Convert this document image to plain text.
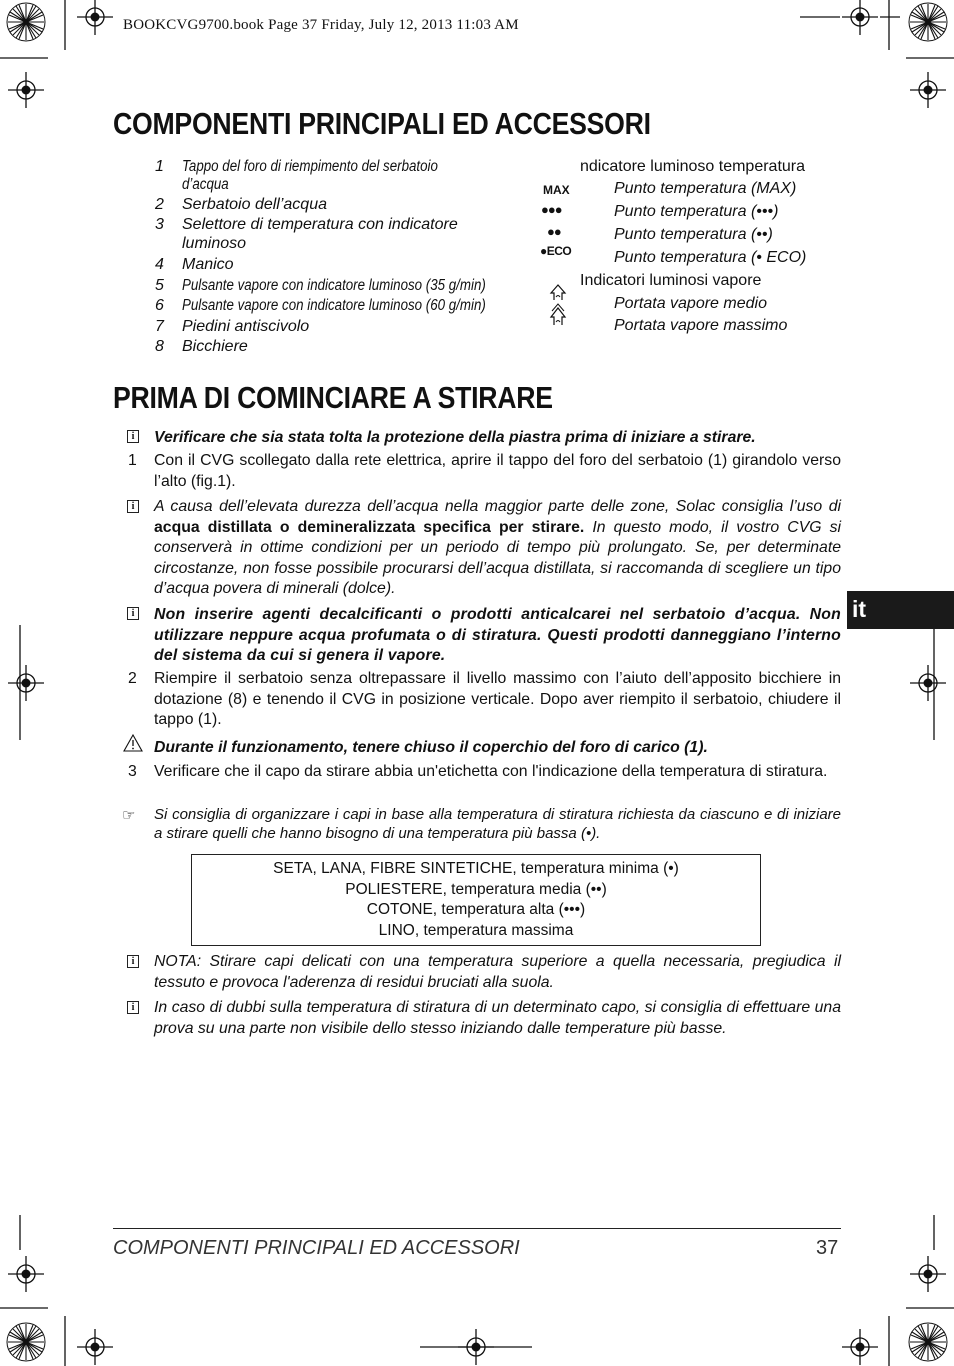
BOOKCVG9700.book Page 37 Friday, July 12, 2013 11:03 AM
COMPONENTI PRINCIPALI ED ACCESSORI
1	Tappo del foro di riempimento del serbatoio
d’acqua
2	Serbatoio dell’acqua
3	Selettore di temperatura con indicatore
luminoso
4	Manico
5	Pulsante vapore con indicatore luminoso (35 g/min)
6	Pulsante vapore con indicatore luminoso (60 g/min)
7	Piedini antiscivolo
8	Bicchiere
ndicatore luminoso temperatura
MAX	Punto temperatura (MAX)
●●●	Punto temperatura (•••)
●●	Punto temperatura (••)
●ECO	Punto temperatura (• ECO)
Indicatori luminosi vapore
Portata vapore medio
Portata vapore massimo
PRIMA DI COMINCIARE A STIRARE
i Verificare che sia stata tolta la protezione della piastra prima di iniziare a stirare.
1 Con il CVG scollegato dalla rete elettrica, aprire il tappo del foro del serbatoio (1) girandolo verso l’alto (fig.1).
i A causa dell’elevata durezza dell’acqua nella maggior parte delle zone, Solac consiglia l’uso di acqua distillata o demineralizzata specifica per stirare. In questo modo, il vostro CVG si conserverà in ottime condizioni per un periodo di tempo più prolungato. Se, per determinate circostanze, non fosse possibile procurarsi dell’acqua distillata, si raccomanda di scegliere un tipo d’acqua povera di minerali (dolce).
i Non inserire agenti decalcificanti o prodotti anticalcarei nel serbatoio d’acqua. Non utilizzare neppure acqua profumata o di stiratura. Questi prodotti danneggiano l’interno del sistema da cui si genera il vapore.
it
2 Riempire il serbatoio senza oltrepassare il livello massimo con l’aiuto dell’apposito bicchiere in dotazione (8) e tenendo il CVG in posizione verticale. Dopo aver riempito il serbatoio, chiudere il tappo (1).
Durante il funzionamento, tenere chiuso il coperchio del foro di carico (1).
3 Verificare che il capo da stirare abbia un'etichetta con l'indicazione della temperatura di stiratura.
☞ Si consiglia di organizzare i capi in base alla temperatura di stiratura richiesta da ciascuno e di iniziare a stirare quelli che hanno bisogno di una temperatura più bassa (•).
SETA, LANA, FIBRE SINTETICHE, temperatura minima (•)
POLIESTERE, temperatura media (••)
COTONE, temperatura alta (•••)
LINO, temperatura massima
i NOTA: Stirare capi delicati con una temperatura superiore a quella necessaria, pregiudica il tessuto e provoca l'aderenza di residui bruciati alla suola.
i In caso di dubbi sulla temperatura di stiratura di un determinato capo, si consiglia di effettuare una prova su una parte non visibile dello stesso iniziando dalle temperature più basse.
COMPONENTI PRINCIPALI ED ACCESSORI	37
